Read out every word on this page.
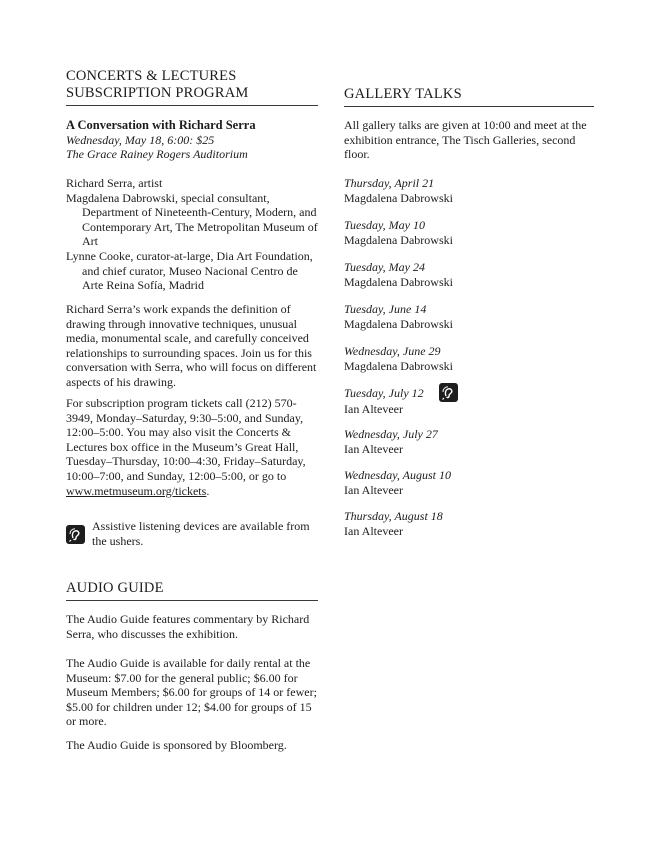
CONCERTS & LECTURES
SUBSCRIPTION PROGRAM

A Conversation with Richard Serra

Wednesday, May 18, 6:00: $25

The Grace Rainey Rogers Auditorium

Richard Serra, artist

Magdalena Dabrowski, special consultant, Department of Nineteenth-Century, Modern, and Contemporary Art, The Metropolitan Museum of Art

Lynne Cooke, curator-at-large, Dia Art Foundation, and chief curator, Museo Nacional Centro de Arte Reina Sofía, Madrid

Richard Serra’s work expands the definition of drawing through innovative techniques, unusual media, monumental scale, and carefully conceived relationships to surrounding spaces. Join us for this conversation with Serra, who will focus on different aspects of his drawing.

For subscription program tickets call (212) 570-3949, Monday–Saturday, 9:30–5:00, and Sunday, 12:00–5:00. You may also visit the Concerts & Lectures box office in the Museum’s Great Hall, Tuesday–Thursday, 10:00–4:30, Friday–Saturday, 10:00–7:00, and Sunday, 12:00–5:00, or go to www.metmuseum.org/tickets.

Assistive listening devices are available from the ushers.

AUDIO GUIDE

The Audio Guide features commentary by Richard Serra, who discusses the exhibition.

The Audio Guide is available for daily rental at the Museum: $7.00 for the general public; $6.00 for Museum Members; $6.00 for groups of 14 or fewer; $5.00 for children under 12; $4.00 for groups of 15 or more.

The Audio Guide is sponsored by Bloomberg.

GALLERY TALKS

All gallery talks are given at 10:00 and meet at the exhibition entrance, The Tisch Galleries, second floor.

Thursday, April 21

Magdalena Dabrowski

Tuesday, May 10

Magdalena Dabrowski

Tuesday, May 24

Magdalena Dabrowski

Tuesday, June 14

Magdalena Dabrowski

Wednesday, June 29

Magdalena Dabrowski

Tuesday, July 12

Ian Alteveer

Wednesday, July 27

Ian Alteveer

Wednesday, August 10

Ian Alteveer

Thursday, August 18

Ian Alteveer
